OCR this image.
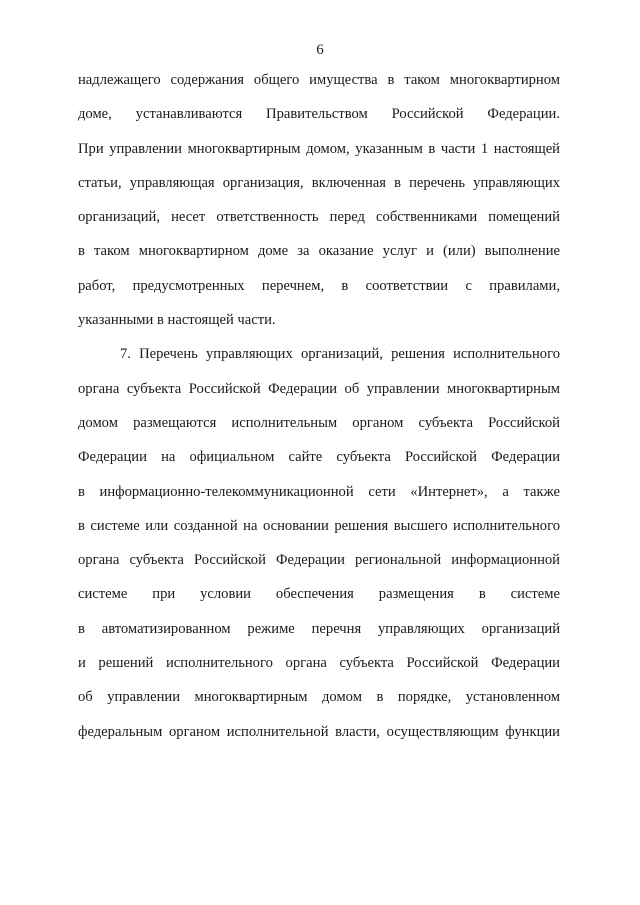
6
надлежащего содержания общего имущества в таком многоквартирном
доме, устанавливаются Правительством Российской Федерации.
При управлении многоквартирным домом, указанным в части 1 настоящей
статьи, управляющая организация, включенная в перечень управляющих
организаций, несет ответственность перед собственниками помещений
в таком многоквартирном доме за оказание услуг и (или) выполнение
работ, предусмотренных перечнем, в соответствии с правилами,
указанными в настоящей части.
7. Перечень управляющих организаций, решения исполнительного
органа субъекта Российской Федерации об управлении многоквартирным
домом размещаются исполнительным органом субъекта Российской
Федерации на официальном сайте субъекта Российской Федерации
в информационно-телекоммуникационной сети «Интернет», а также
в системе или созданной на основании решения высшего исполнительного
органа субъекта Российской Федерации региональной информационной
системе при условии обеспечения размещения в системе
в автоматизированном режиме перечня управляющих организаций
и решений исполнительного органа субъекта Российской Федерации
об управлении многоквартирным домом в порядке, установленном
федеральным органом исполнительной власти, осуществляющим функции
